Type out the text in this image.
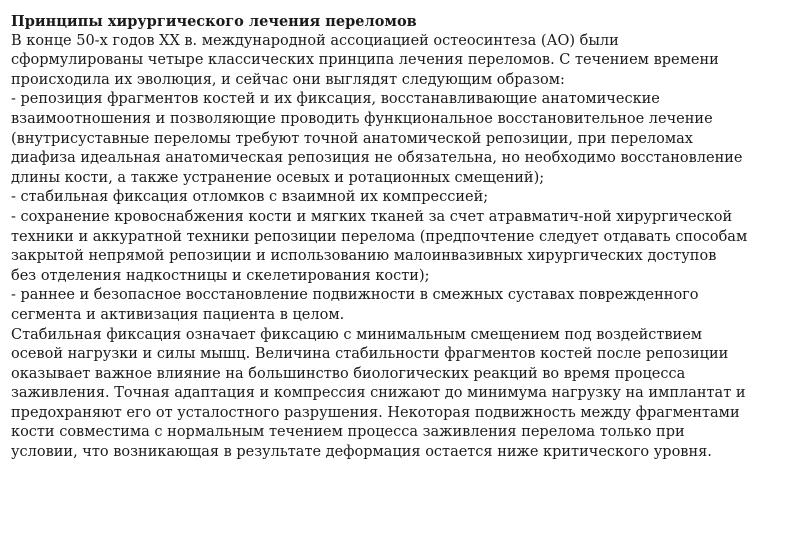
Принципы хирургического лечения переломов
В конце 50-х годов XX в. международной ассоциацией остеосинтеза (АО) были
сформулированы четыре классических принципа лечения переломов. С течением времени
происходила их эволюция, и сейчас они выглядят следующим образом:
- репозиция фрагментов костей и их фиксация, восстанавливающие анатомические
взаимоотношения и позволяющие проводить функциональное восстановительное лечение
(внутрисуставные переломы требуют точной анатомической репозиции, при переломах
диафиза идеальная анатомическая репозиция не обязательна, но необходимо восстановление
длины кости, а также устранение осевых и ротационных смещений);
- стабильная фиксация отломков с взаимной их компрессией;
- сохранение кровоснабжения кости и мягких тканей за счет атравматич-ной хирургической
техники и аккуратной техники репозиции перелома (предпочтение следует отдавать способам
закрытой непрямой репозиции и использованию малоинвазивных хирургических доступов
без отделения надкостницы и скелетирования кости);
- раннее и безопасное восстановление подвижности в смежных суставах поврежденного
сегмента и активизация пациента в целом.
Стабильная фиксация означает фиксацию с минимальным смещением под воздействием
осевой нагрузки и силы мышц. Величина стабильности фрагментов костей после репозиции
оказывает важное влияние на большинство биологических реакций во время процесса
заживления. Точная адаптация и компрессия снижают до минимума нагрузку на имплантат и
предохраняют его от усталостного разрушения. Некоторая подвижность между фрагментами
кости совместима с нормальным течением процесса заживления перелома только при
условии, что возникающая в результате деформация остается ниже критического уровня.
